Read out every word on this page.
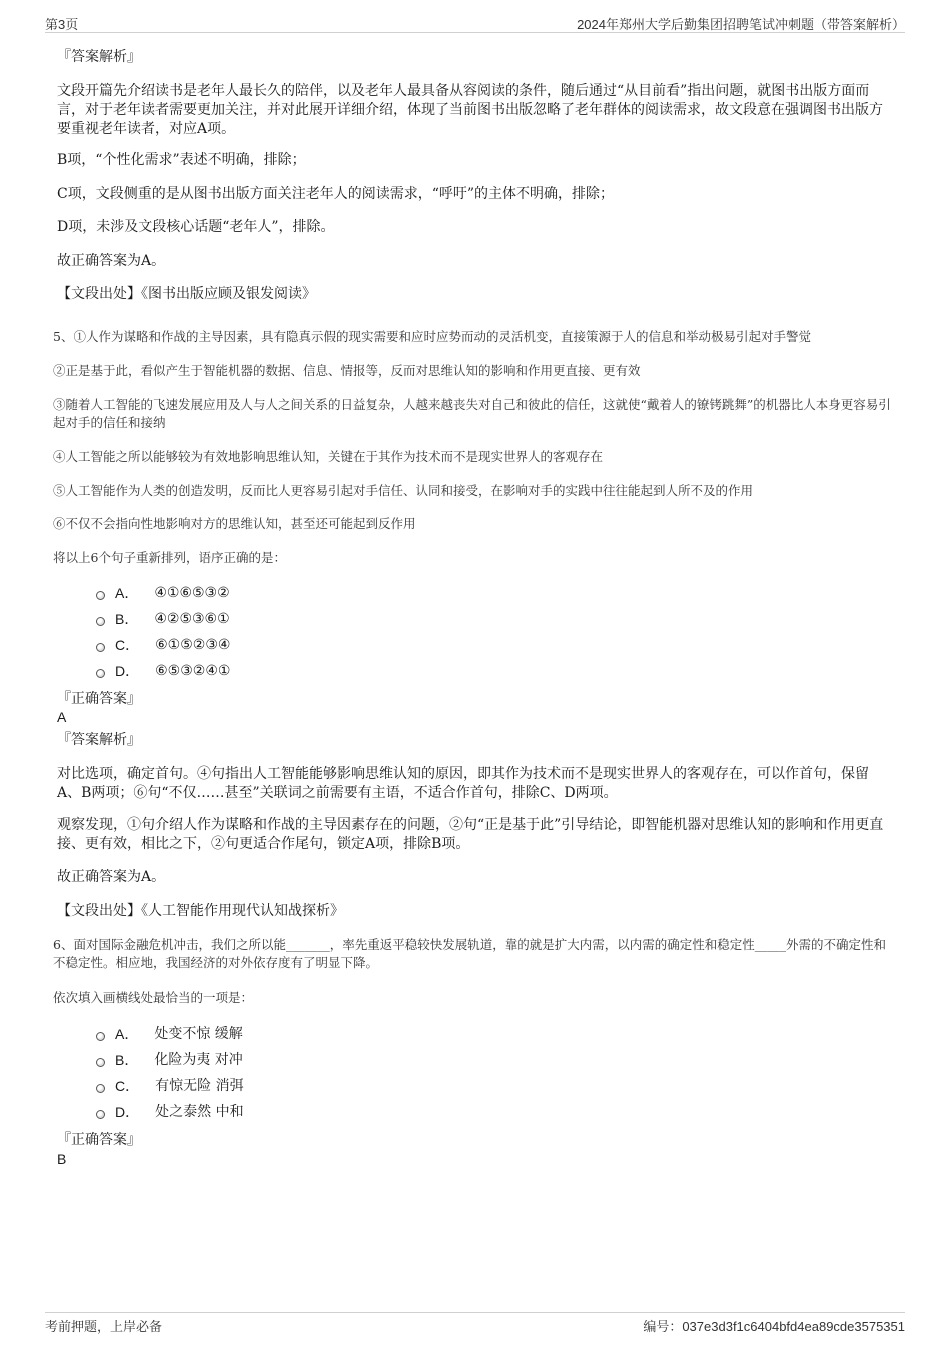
第3页	2024年郑州大学后勤集团招聘笔试冲刺题（带答案解析）
『答案解析』
文段开篇先介绍读书是老年人最长久的陪伴，以及老年人最具备从容阅读的条件，随后通过“从目前看”指出问题，就图书出版方面而言，对于老年读者需要更加关注，并对此展开详细介绍，体现了当前图书出版忽略了老年群体的阅读需求，故文段意在强调图书出版方要重视老年读者，对应A项。
B项，“个性化需求”表述不明确，排除；
C项，文段侧重的是从图书出版方面关注老年人的阅读需求，“呼吁”的主体不明确，排除；
D项，未涉及文段核心话题“老年人”，排除。
故正确答案为A。
【文段出处】《图书出版应顾及银发阅读》
5、①人作为谋略和作战的主导因素，具有隐真示假的现实需要和应时应势而动的灵活机变，直接策源于人的信息和举动极易引起对手警觉
②正是基于此，看似产生于智能机器的数据、信息、情报等，反而对思维认知的影响和作用更直接、更有效
③随着人工智能的飞速发展应用及人与人之间关系的日益复杂，人越来越丧失对自己和彼此的信任，这就使“戴着人的镣铐跳舞”的机器比人本身更容易引起对手的信任和接纳
④人工智能之所以能够较为有效地影响思维认知，关键在于其作为技术而不是现实世界人的客观存在
⑤人工智能作为人类的创造发明，反而比人更容易引起对手信任、认同和接受，在影响对手的实践中往往能起到人所不及的作用
⑥不仅不会指向性地影响对方的思维认知，甚至还可能起到反作用
将以上6个句子重新排列，语序正确的是：
A． ④①⑥⑤③②
B． ④②⑤③⑥①
C． ⑥①⑤②③④
D． ⑥⑤③②④①
『正确答案』
A
『答案解析』
对比选项，确定首句。④句指出人工智能能够影响思维认知的原因，即其作为技术而不是现实世界人的客观存在，可以作首句，保留A、B两项；⑥句“不仅……甚至”关联词之前需要有主语，不适合作首句，排除C、D两项。
观察发现，①句介绍人作为谋略和作战的主导因素存在的问题，②句“正是基于此”引导结论，即智能机器对思维认知的影响和作用更直接、更有效，相比之下，②句更适合作尾句，锁定A项，排除B项。
故正确答案为A。
【文段出处】《人工智能作用现代认知战探析》
6、面对国际金融危机冲击，我们之所以能_______，率先重返平稳较快发展轨道，靠的就是扩大内需，以内需的确定性和稳定性_____外需的不确定性和不稳定性。相应地，我国经济的对外依存度有了明显下降。
依次填入画横线处最恰当的一项是：
A． 处变不惊 缓解
B． 化险为夷 对冲
C． 有惊无险 消弭
D． 处之泰然 中和
『正确答案』
B
考前押题，上岸必备	编号：037e3d3f1c6404bfd4ea89cde3575351
